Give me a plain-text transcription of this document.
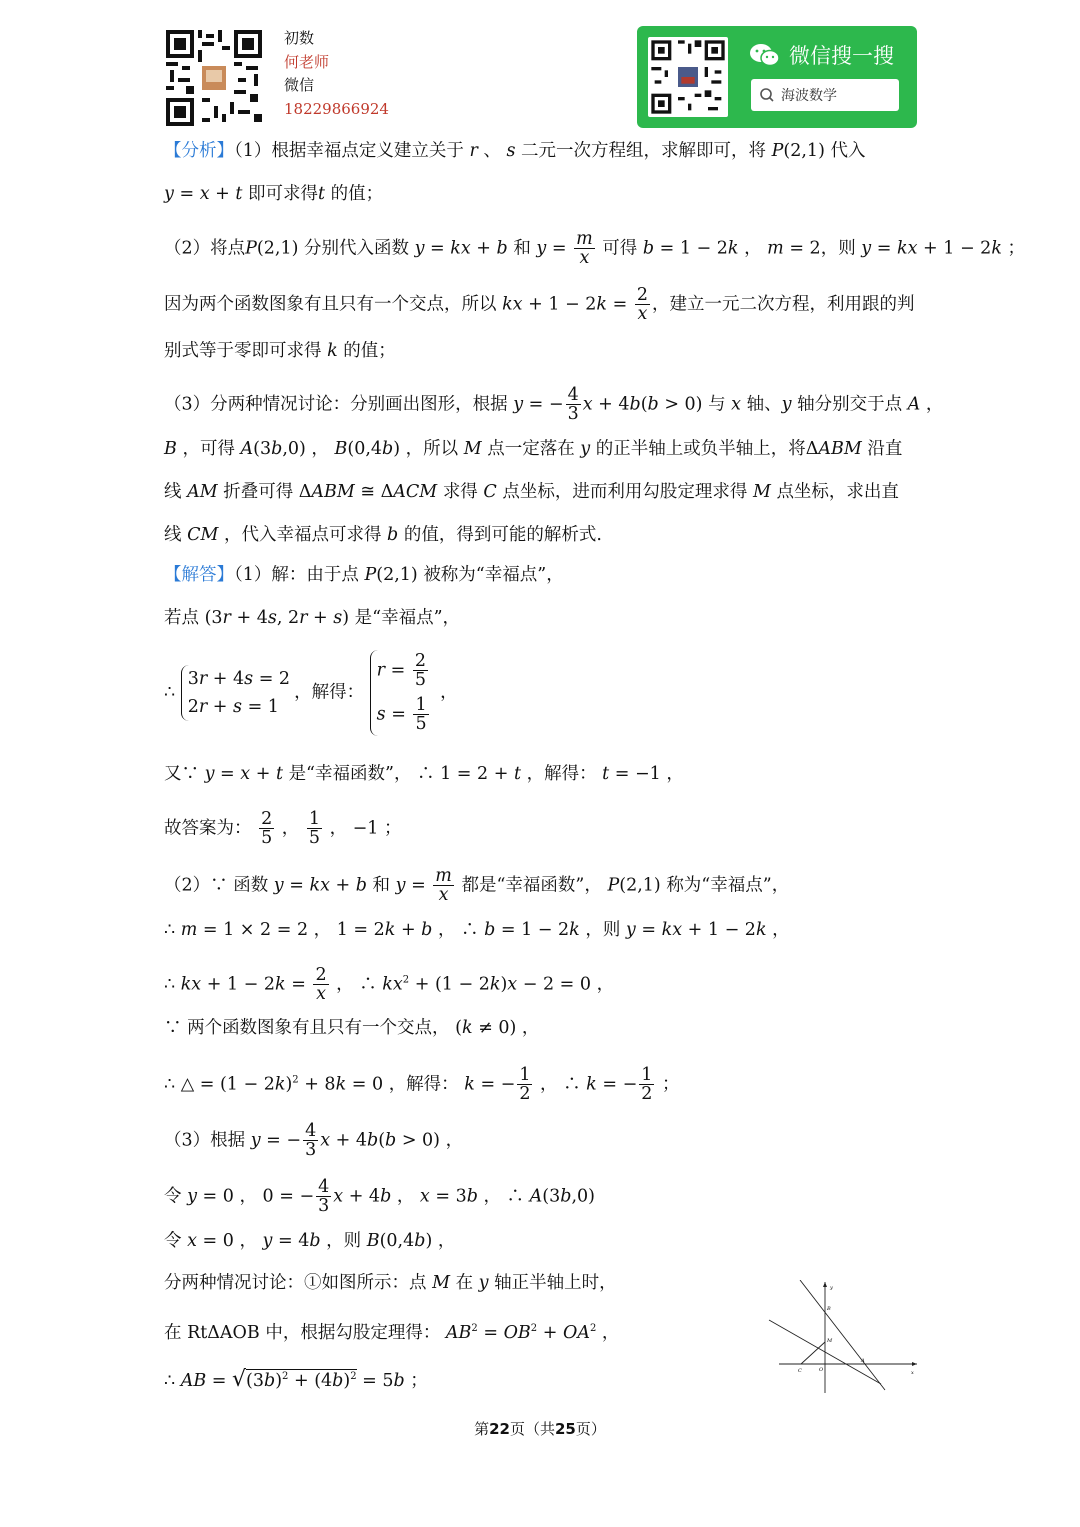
初数
何老师
微信
18229866924
微信搜一搜
海波数学
【分析】（1）根据幸福点定义建立关于 r 、 s 二元一次方程组，求解即可，将 P(2,1) 代入
y = x + t 即可求得t 的值；
（2）将点P(2,1) 分别代入函数 y = kx + b 和 $y = \frac{m}{x}$ 可得 b = 1 − 2k ， m = 2，则 y = kx + 1 − 2k ；
因为两个函数图象有且只有一个交点，所以 kx + $1 - 2k = \frac{2}{x}$ ，建立一元二次方程，利用跟的判
别式等于零即可求得 k 的值；
（3）分两种情况讨论：分别画出图形，根据 y = − $\frac{4}{3}$ x + 4b(b > 0) 与 x 轴、y 轴分别交于点 A ，
B ，可得 A(3b,0) ， B(0,4b) ，所以 M 点一定落在 y 的正半轴上或负半轴上，将ΔABM 沿直
线 AM 折叠可得 ΔABM ≅ ΔACM 求得 C 点坐标，进而利用勾股定理求得 M 点坐标，求出直
线 CM ，代入幸福点可求得 b 的值，得到可能的解析式.
【解答】（1）解：由于点 P(2,1) 被称为“幸福点”，
若点 (3r + 4s, 2r + s) 是“幸福点”，
∴
3r + 4s = 2
2r + s = 1
，解得：
$r = \frac{2}{5}$
$s = \frac{1}{5}$
，
又∵ y = x + t 是“幸福函数”， ∴ 1 = 2 + t ，解得： t = −1 ，
故答案为： $\frac{2}{5}$ ， $\frac{1}{5}$ ， −1 ；
（2）∵ 函数 y = kx + b 和 $y = \frac{m}{x}$ 都是“幸福函数”， P(2,1) 称为“幸福点”，
∴ m = 1 × 2 = 2 ， 1 = 2k + b ， ∴ b = 1 − 2k ，则 y = kx + 1 − 2k ，
∴ kx + $1 - 2k = \frac{2}{x}$ ， ∴ $kx^2 + (1 - 2k)x - 2 = 0$ ，
∵ 两个函数图象有且只有一个交点， (k ≠ 0) ，
∴ △ = $(1 - 2k)^2 + 8k = 0$ ，解得： k = − $\frac{1}{2}$ ， ∴ k = − $\frac{1}{2}$ ；
（3）根据 y = − $\frac{4}{3}$ x + 4b(b > 0) ，
令 y = 0 ， 0 = − $\frac{4}{3}$ x + 4b ， x = 3b ， ∴ A(3b,0)
令 x = 0 ， y = 4b ，则 B(0,4b) ，
分两种情况讨论：①如图所示：点 M 在 y 轴正半轴上时，
在 RtΔAOB 中，根据勾股定理得： $AB^2 = OB^2 + OA^2$ ，
∴ AB = $√(3b)^2 + (4b)^2 = 5b$ ；
y
B
M
C	O
A
x
第22页（共25页）
